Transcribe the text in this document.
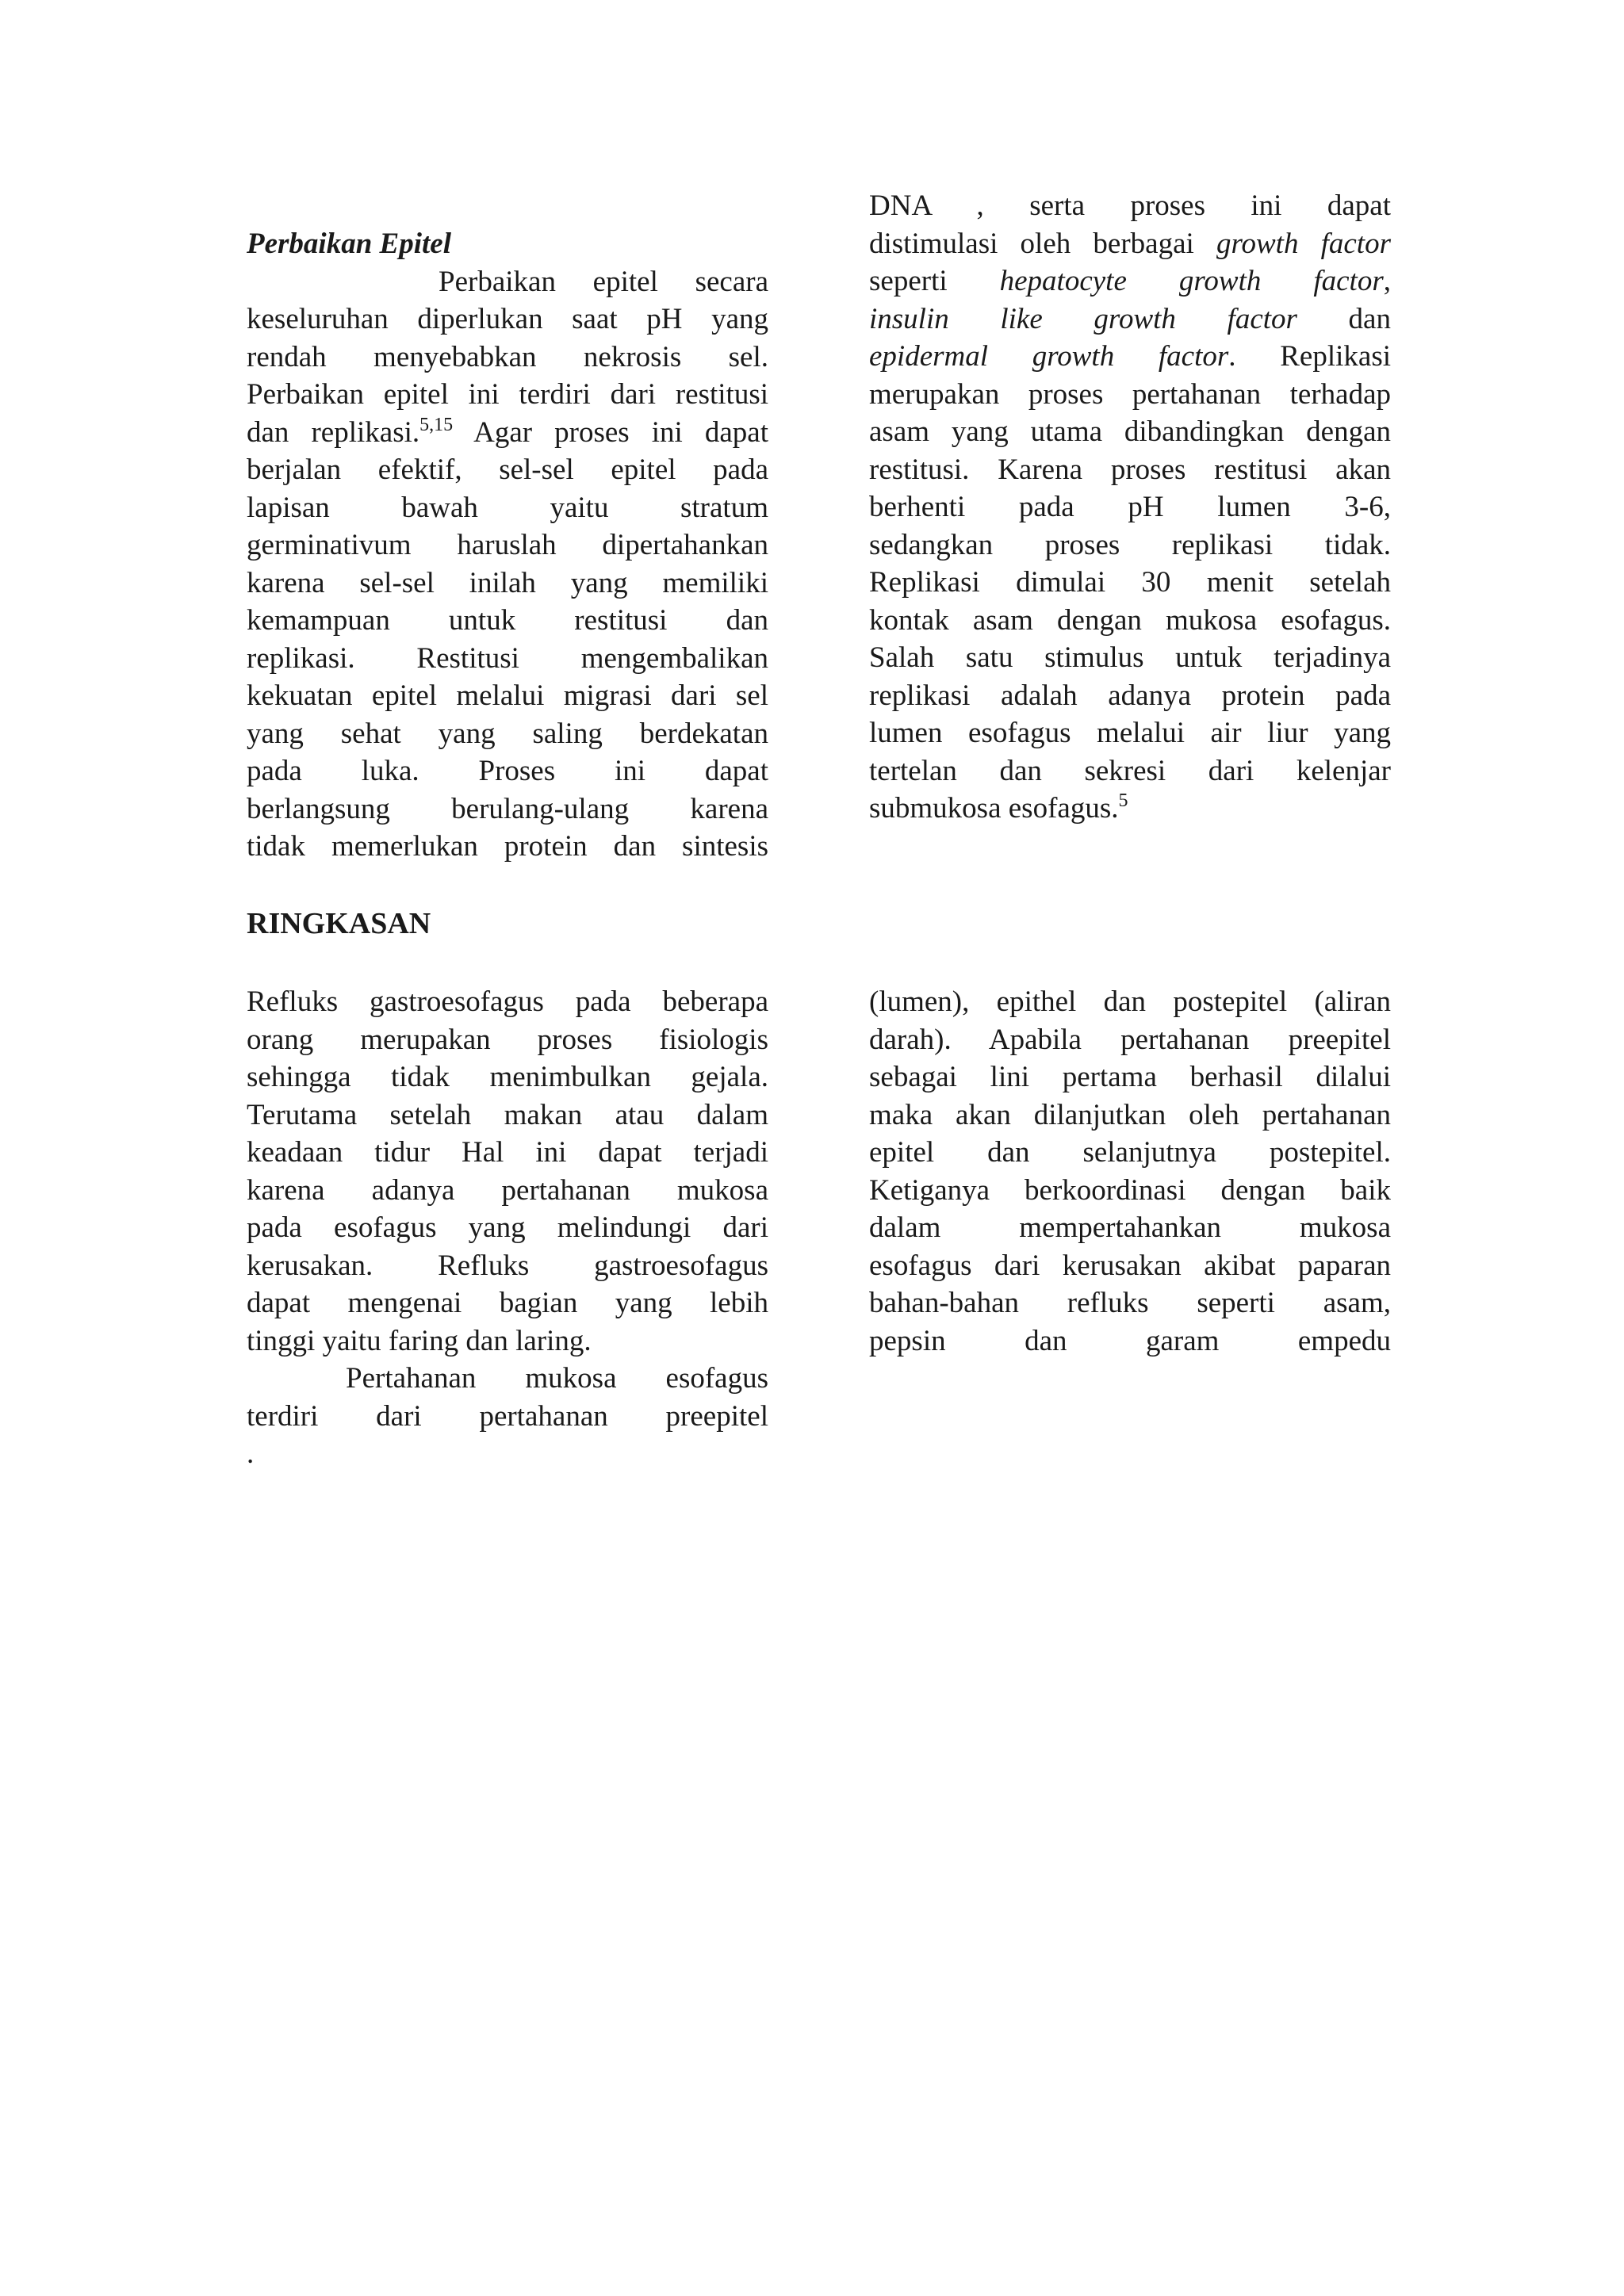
Perbaikan Epitel
Perbaikan epitel secara
keseluruhan diperlukan saat pH yang
rendah menyebabkan nekrosis sel.
Perbaikan epitel ini terdiri dari restitusi
dan replikasi.$^{5,15}$ Agar proses ini dapat
berjalan efektif, sel-sel epitel pada
lapisan bawah yaitu stratum
germinativum haruslah dipertahankan
karena sel-sel inilah yang memiliki
kemampuan untuk restitusi dan
replikasi. Restitusi mengembalikan
kekuatan epitel melalui migrasi dari sel
yang sehat yang saling berdekatan
pada luka. Proses ini dapat
berlangsung berulang-ulang karena
tidak memerlukan protein dan sintesis
DNA , serta proses ini dapat
distimulasi oleh berbagai growth factor
seperti hepatocyte growth factor,
insulin like growth factor dan
epidermal growth factor. Replikasi
merupakan proses pertahanan terhadap
asam yang utama dibandingkan dengan
restitusi. Karena proses restitusi akan
berhenti pada pH lumen 3-6,
sedangkan proses replikasi tidak.
Replikasi dimulai 30 menit setelah
kontak asam dengan mukosa esofagus.
Salah satu stimulus untuk terjadinya
replikasi adalah adanya protein pada
lumen esofagus melalui air liur yang
tertelan dan sekresi dari kelenjar
submukosa esofagus.$^5$
RINGKASAN
Refluks gastroesofagus pada beberapa
orang merupakan proses fisiologis
sehingga tidak menimbulkan gejala.
Terutama setelah makan atau dalam
keadaan tidur Hal ini dapat terjadi
karena adanya pertahanan mukosa
pada esofagus yang melindungi dari
kerusakan. Refluks gastroesofagus
dapat mengenai bagian yang lebih
tinggi yaitu faring dan laring.
Pertahanan mukosa esofagus
terdiri dari pertahanan preepitel
.
(lumen), epithel dan postepitel (aliran
darah). Apabila pertahanan preepitel
sebagai lini pertama berhasil dilalui
maka akan dilanjutkan oleh pertahanan
epitel dan selanjutnya postepitel.
Ketiganya berkoordinasi dengan baik
dalam mempertahankan mukosa
esofagus dari kerusakan akibat paparan
bahan-bahan refluks seperti asam,
pepsin dan garam empedu
